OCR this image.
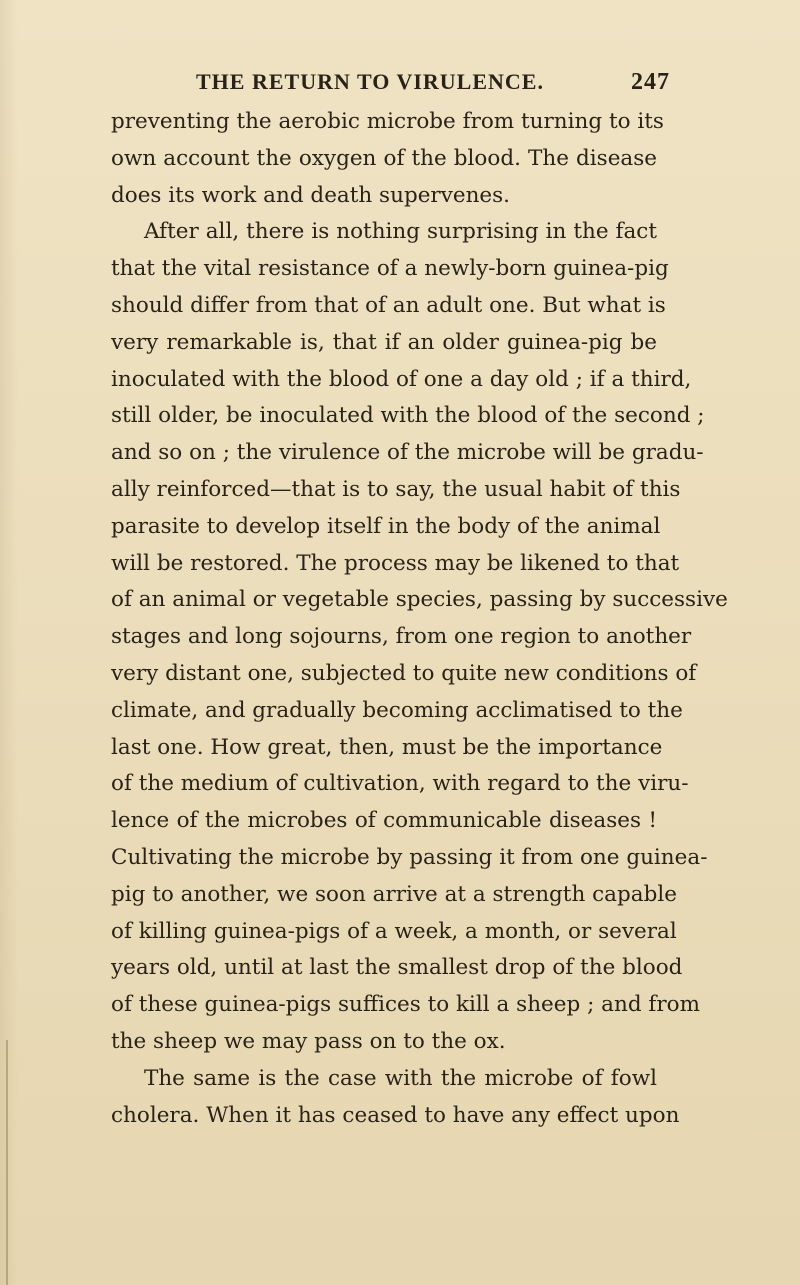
THE RETURN TO VIRULENCE.	247
preventing the aerobic microbe from turning to its
own account the oxygen of the blood. The disease
does its work and death supervenes.
After all, there is nothing surprising in the fact
that the vital resistance of a newly-born guinea-pig
should differ from that of an adult one. But what is
very remarkable is, that if an older guinea-pig be
inoculated with the blood of one a day old ; if a third,
still older, be inoculated with the blood of the second ;
and so on ; the virulence of the microbe will be gradu-
ally reinforced—that is to say, the usual habit of this
parasite to develop itself in the body of the animal
will be restored. The process may be likened to that
of an animal or vegetable species, passing by successive
stages and long sojourns, from one region to another
very distant one, subjected to quite new conditions of
climate, and gradually becoming acclimatised to the
last one. How great, then, must be the importance
of the medium of cultivation, with regard to the viru-
lence of the microbes of communicable diseases !
Cultivating the microbe by passing it from one guinea-
pig to another, we soon arrive at a strength capable
of killing guinea-pigs of a week, a month, or several
years old, until at last the smallest drop of the blood
of these guinea-pigs suffices to kill a sheep ; and from
the sheep we may pass on to the ox.
The same is the case with the microbe of fowl
cholera. When it has ceased to have any effect upon
